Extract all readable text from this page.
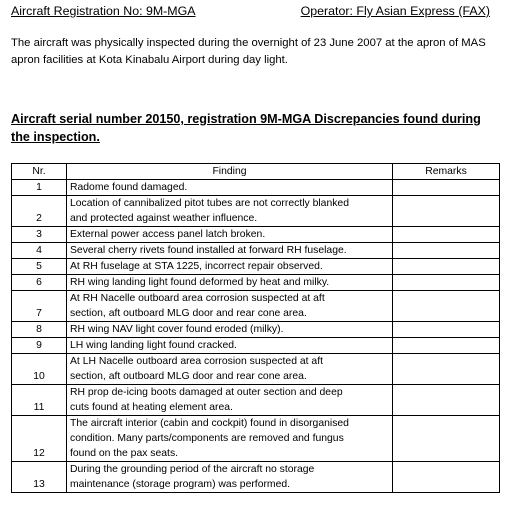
Aircraft Registration No: 9M-MGA	Operator: Fly Asian Express (FAX)
The aircraft was physically inspected during the overnight of 23 June 2007 at the apron of MAS apron facilities at Kota Kinabalu Airport during day light.
Aircraft serial number 20150, registration 9M-MGA Discrepancies found during the inspection.
Nr.	Finding	Remarks
1	Radome found damaged.	

2	Location of cannibalized pitot tubes are not correctly blanked
and protected against weather influence.	

3	External power access panel latch broken.	

4	Several cherry rivets found installed at forward RH fuselage.	

5	At RH fuselage at STA 1225, incorrect repair observed.	

6	RH wing landing light found deformed by heat and milky.	

7	At RH Nacelle outboard area corrosion suspected at aft
section, aft outboard MLG door and rear cone area.	

8	RH wing NAV light cover found eroded (milky).	

9	LH wing landing light found cracked.	

10	At LH Nacelle outboard area corrosion suspected at aft
section, aft outboard MLG door and rear cone area.	

11	RH prop de-icing boots damaged at outer section and deep
cuts found at heating element area.	

12	The aircraft interior (cabin and cockpit) found in disorganised
condition. Many parts/components are removed and fungus
found on the pax seats.	

13	During the grounding period of the aircraft no storage
maintenance (storage program) was performed.	
